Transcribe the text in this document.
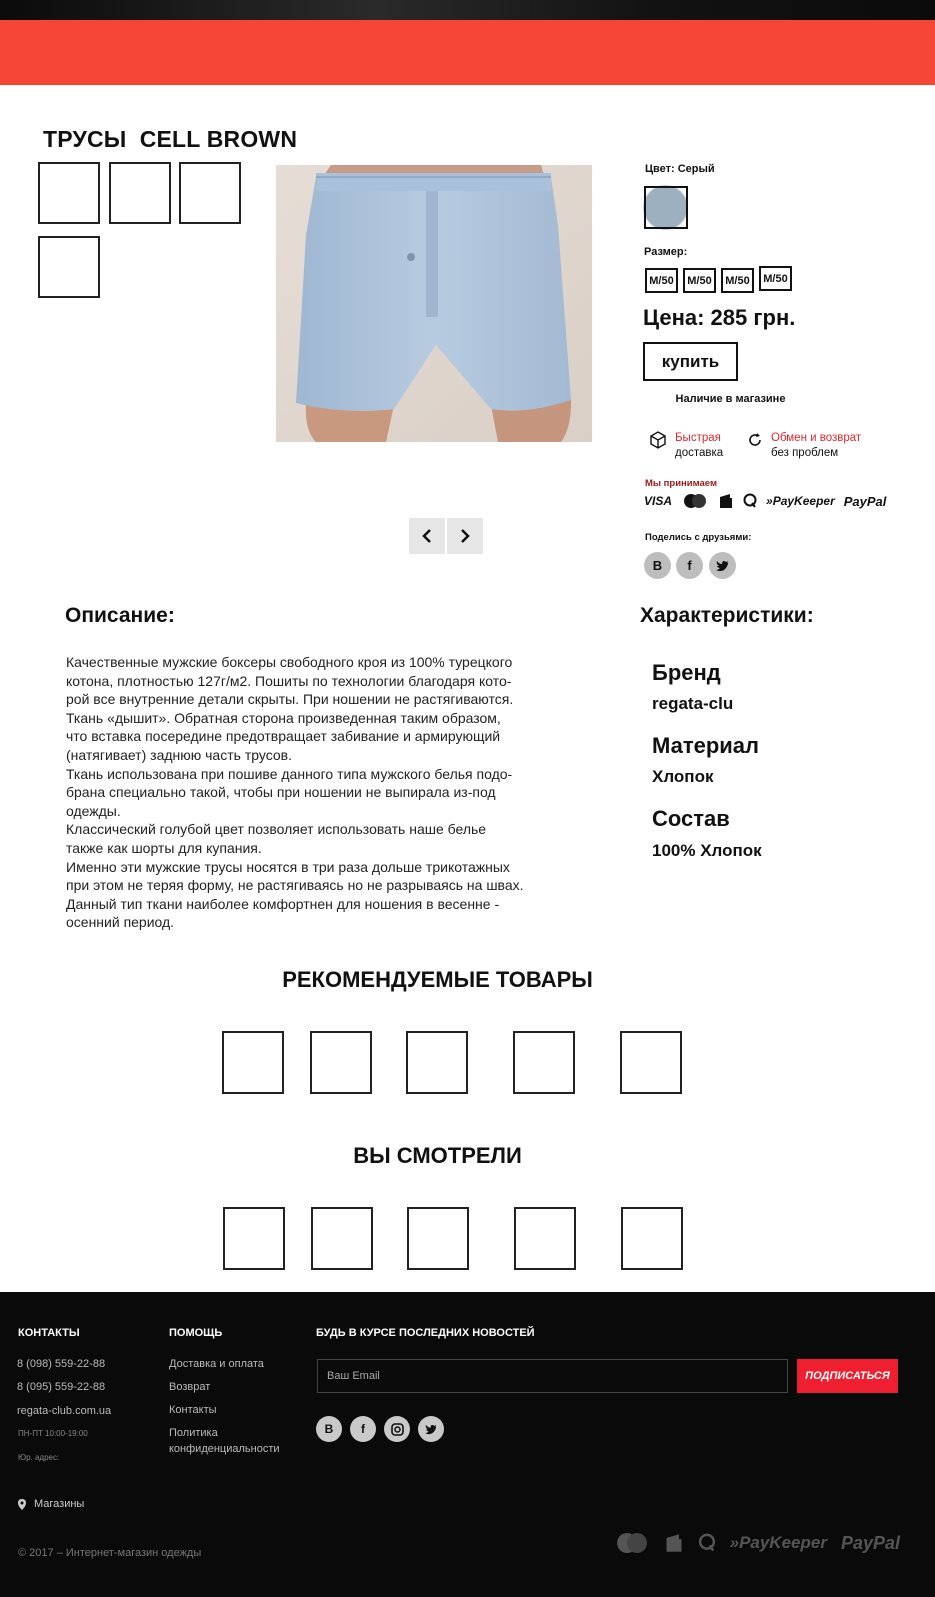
ТРУСЫ  CELL BROWN
Цвет: Серый
Размер:
M/50	M/50	M/50	M/50
Цена: 285 грн.
купить
Наличие в магазине
Быстрая
доставка
Обмен и возврат
без проблем
Мы принимаем
VISA	»PayKeeper PayPal
Поделись с друзьями:
В f
Описание:
Качественные мужские боксеры свободного кроя из 100% турецкого
котона, плотностью 127г/м2. Пошиты по технологии благодаря кото-
рой все внутренние детали скрыты. При ношении не растягиваются.
Ткань «дышит». Обратная сторона произведенная таким образом,
что вставка посередине предотвращает забивание и армирующий
(натягивает) заднюю часть трусов.
Ткань использована при пошиве данного типа мужского белья подо-
брана специально такой, чтобы при ношении не выпирала из-под
одежды.
Классический голубой цвет позволяет использовать наше белье
также как шорты для купания.
Именно эти мужские трусы носятся в три раза дольше трикотажных
при этом не теряя форму, не растягиваясь но не разрываясь на швах.
Данный тип ткани наиболее комфортнен для ношения в весенне -
осенний период.
Характеристики:
Бренд
regata-clu
Материал
Хлопок
Состав
100% Хлопок
РЕКОМЕНДУЕМЫЕ ТОВАРЫ
ВЫ СМОТРЕЛИ
КОНТАКТЫ
8 (098) 559-22-88
8 (095) 559-22-88
regata-club.com.ua
ПН-ПТ 10:00-19:00
Юр. адрес:
ПОМОЩЬ
Доставка и оплата
Возврат
Контакты
Политика
конфиденциальности
БУДЬ В КУРСЕ ПОСЛЕДНИХ НОВОСТЕЙ
Ваш Email	ПОДПИСАТЬСЯ
В f
Магазины
© 2017 – Интернет-магазин одежды
»PayKeeper PayPal
